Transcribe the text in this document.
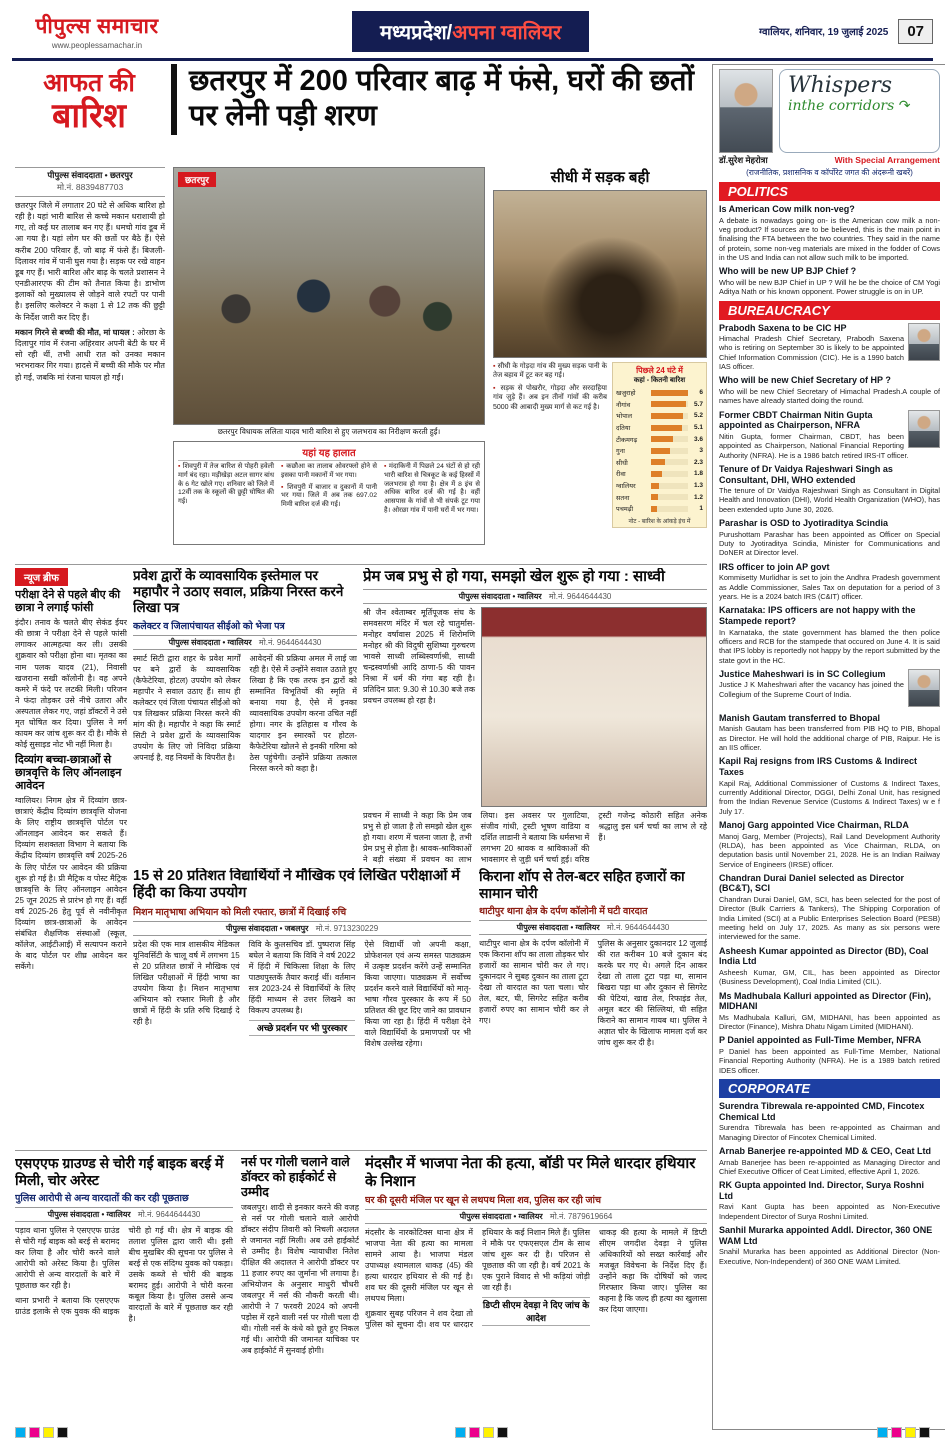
पीपुल्स समाचार
www.peoplessamachar.in
मध्यप्रदेश/अपना ग्वालियर	ग्वालियर, शनिवार, 19 जुलाई 2025	07
आफत की
बारिश
छतरपुर में 200 परिवार बाढ़ में फंसे, घरों की छतों पर लेनी पड़ी शरण
पीपुल्स संवाददाता • छतरपुर
मो.नं. 8839487703

छतरपुर जिले में लगातार 20 घंटे से अधिक बारिश हो रही है। यहां भारी बारिश से कच्चे मकान धराशायी हो गए, तो कई घर तालाब बन गए हैं। धमचो गांव डूब में आ गया है। यहां लोग घर की छतों पर बैठे हैं। ऐसे करीब 200 परिवार हैं, जो बाढ़ में फंसे हैं। बिजली-दिलावर गांव में पानी घुस गया है। सड़क पर रखे वाहन डूब गए हैं। भारी बारिश और बाढ़ के चलते प्रशासन ने एनडीआरएफ की टीम को तैनात किया है। डाभोण इलाकों को मुख्यालय से जोड़ने वाले रपटों पर पानी है। इसलिए कलेक्टर ने कक्षा 1 से 12 तक की छुट्टी के निर्देश जारी कर दिए हैं।

मकान गिरने से बच्ची की मौत, मां घायल : ओरछा के दिलापुर गांव में रंजना अहिरवार अपनी बेटी के घर में सो रही थीं, तभी आधी रात को उनका मकान भरभराकर गिर गया। हादसे में बच्ची की मौके पर मौत हो गई, जबकि मां रंजना घायल हो गईं।

छतरपुर
छतरपुर विधायक ललिता यादव भारी बारिश से हुए जलभराव का निरीक्षण करती हुईं।
यहां यह हालात
▪ शिवपुरी में तेज बारिश से पोहरी हवेली मार्ग बंद रहा। मड़ीखेड़ा अटल सागर बांध के 6 गेट खोले गए। शनिवार को जिले में 12वीं तक के स्कूलों की छुट्टी घोषित की गई।
▪ कछौआ का तालाब ओवरफ्लो होने से इसका पानी मकानों में भर गया।
▪ शिवपुरी में बाजार व दुकानों में पानी भर गया। जिले में अब तक 697.02 मिमी बारिश दर्ज की गई।
▪ मंदाकिनी में पिछले 24 घंटों से हो रही भारी बारिश से चित्रकूट के कई हिस्सों में जलभराव हो गया है। क्षेत्र में 8 इंच से अधिक बारिश दर्ज की गई है। वहीं आसपास के गांवों से भी संपर्क टूट गया है। ओरछा गांव में पानी घरों में भर गया।
सीधी में सड़क बही
▪ सीधी के गोड़दा गांव की मुख्य सड़क पानी के तेज बहाव में टूट कर बह गई।
▪ सड़क से पोखरौर, गोड़दा और सरदाहिया गांव जुड़े हैं। अब इन तीनों गांवों की करीब 5000 की आबादी मुख्य मार्ग से कट गई है।
पिछले 24 घंटे में
कहां - कितनी बारिश
खजुराहो	6
नौगांव	5.7
भोपाल	5.2
दतिया	5.1
टीकमगढ़	3.6
गुना	3
सीधी	2.3
रीवा	1.8
ग्वालियर	1.3
सतना	1.2
पचमढ़ी	1
नोट - बारिश के आंकड़े इंच में
न्यूज ब्रीफ
परीक्षा देने से पहले बीए की छात्रा ने लगाई फांसी

इंदौर। तनाव के चलते बीए सेकंड ईयर की छात्रा ने परीक्षा देने से पहले फांसी लगाकर आत्महत्या कर ली। उसकी शुक्रवार को परीक्षा होना था। मृतका का नाम पलक यादव (21), निवासी खजराना सखी कॉलोनी है। वह अपने कमरे में फंदे पर लटकी मिली। परिजन ने फंदा तोड़कर उसे नीचे उतारा और अस्पताल लेकर गए, जहां डॉक्टरों ने उसे मृत घोषित कर दिया। पुलिस ने मर्ग कायम कर जांच शुरू कर दी है। मौके से कोई सुसाइड नोट भी नहीं मिला है।

दिव्यांग बच्चा-छात्राओं से छात्रवृत्ति के लिए ऑनलाइन आवेदन

ग्वालियर। निगम क्षेत्र में दिव्यांग छात्र-छात्राएं केंद्रीय दिव्यांग छात्रवृत्ति योजना के लिए राष्ट्रीय छात्रवृत्ति पोर्टल पर ऑनलाइन आवेदन कर सकते हैं। दिव्यांग सशक्तता विभाग ने बताया कि केंद्रीय दिव्यांग छात्रवृत्ति वर्ष 2025-26 के लिए पोर्टल पर आवेदन की प्रक्रिया शुरू हो गई है। प्री मैट्रिक व पोस्ट मैट्रिक छात्रवृत्ति के लिए ऑनलाइन आवेदन 25 जून 2025 से प्रारंभ हो गए हैं। वहीं वर्ष 2025-26 हेतु पूर्व से नवीनीकृत दिव्यांग छात्र-छात्राओं के आवेदन संबंधित शैक्षणिक संस्थाओं (स्कूल, कॉलेज, आईटीआई) में सत्यापन कराने के बाद पोर्टल पर शीघ्र आवेदन कर सकेंगे।

प्रवेश द्वारों के व्यावसायिक इस्तेमाल पर महापौर ने उठाए सवाल, प्रक्रिया निरस्त करने लिखा पत्र
कलेक्टर व जिलापंचायत सीईओ को भेजा पत्र
पीपुल्स संवाददाता • ग्वालियर मो.नं. 9644644430

स्मार्ट सिटी द्वारा शहर के प्रवेश मार्गों पर बने द्वारों के व्यावसायिक (कैफेटेरिया, होटल) उपयोग को लेकर महापौर ने सवाल उठाए हैं। साथ ही कलेक्टर एवं जिला पंचायत सीईओ को पत्र लिखकर प्रक्रिया निरस्त करने की मांग की है। महापौर ने कहा कि स्मार्ट सिटी ने प्रवेश द्वारों के व्यावसायिक उपयोग के लिए जो निविदा प्रक्रिया अपनाई है, वह नियमों के विपरीत है।

आवेदनों की प्रक्रिया अमल में लाई जा रही है। ऐसे में उन्होंने सवाल उठाते हुए लिखा है कि एक तरफ इन द्वारों को सम्मानित विभूतियों की स्मृति में बनाया गया है, ऐसे में इनका व्यावसायिक उपयोग करना उचित नहीं होगा। नगर के इतिहास व गौरव के यादगार इन स्मारकों पर होटल-कैफेटेरिया खोलने से इनकी गरिमा को ठेस पहुंचेगी। उन्होंने प्रक्रिया तत्काल निरस्त करने को कहा है।

प्रेम जब प्रभु से हो गया, समझो खेल शुरू हो गया : साध्वी
पीपुल्स संवाददाता • ग्वालियर मो.नं. 9644644430

श्री जैन श्वेताम्बर मूर्तिपूजक संघ के समवसरण मंदिर में चल रहे चातुर्मास-मनोहर वर्षावास 2025 में शिरोमणि मनोहर श्री की विदुषी सुशिष्या गुरुचरण भावसे साध्वी लब्धिस्वर्णाश्री, साध्वी चन्द्रस्वर्णाश्री आदि ठाणा-5 की पावन निश्रा में धर्म की गंगा बह रही है। प्रतिदिन प्रात: 9.30 से 10.30 बजे तक प्रवचन उपलब्ध हो रहा है।

प्रवचन में साध्वी ने कहा कि प्रेम जब प्रभु से हो जाता है तो समझो खेल शुरू हो गया। शरण में चलना जाता है, तभी प्रेम प्रभु से होता है। श्रावक-श्राविकाओं ने बड़ी संख्या में प्रवचन का लाभ लिया। इस अवसर पर गुलाटिया, संजीव गांधी, ट्रस्टी भूषण वाडिया व दर्शित लाडानी ने बताया कि धर्मसभा में लगभग 20 श्रावक व श्राविकाओं की भावसागर से जुड़ी धर्म चर्चा हुई। वरिष्ठ ट्रस्टी गजेन्द्र कोठारी सहित अनेक श्रद्धालु इस धर्म चर्चा का लाभ ले रहे हैं।

15 से 20 प्रतिशत विद्यार्थियों ने मौखिक एवं लिखित परीक्षाओं में हिंदी का किया उपयोग
मिशन मातृभाषा अभियान को मिली रफ्तार, छात्रों में दिखाई रुचि
पीपुल्स संवाददाता • जबलपुर मो.नं. 9713230229

प्रदेश की एक मात्र शासकीय मेडिकल यूनिवर्सिटी के चालू वर्ष में लगभग 15 से 20 प्रतिशत छात्रों ने मौखिक एवं लिखित परीक्षाओं में हिंदी भाषा का उपयोग किया है। मिशन मातृभाषा अभियान को रफ्तार मिली है और छात्रों में हिंदी के प्रति रुचि दिखाई दे रही है।

विवि के कुलसचिव डॉ. पुष्पराज सिंह बघेल ने बताया कि विवि ने वर्ष 2022 में हिंदी में चिकित्सा शिक्षा के लिए पाठ्यपुस्तकें तैयार कराई थीं। वर्तमान सत्र 2023-24 से विद्यार्थियों के लिए हिंदी माध्यम से उत्तर लिखने का विकल्प उपलब्ध है।

अच्छे प्रदर्शन पर भी पुरस्कार

ऐसे विद्यार्थी जो अपनी कक्षा, प्रोफेशनल एवं अन्य समस्त पाठ्यक्रम में उत्कृष्ट प्रदर्शन करेंगे उन्हें सम्मानित किया जाएगा। पाठ्यक्रम में सर्वोच्च प्रदर्शन करने वाले विद्यार्थियों को मातृ-भाषा गौरव पुरस्कार के रूप में 50 प्रतिशत की छूट दिए जाने का प्रावधान किया जा रहा है। हिंदी में परीक्षा देने वाले विद्यार्थियों के प्रमाणपत्रों पर भी विशेष उल्लेख रहेगा।

किराना शॉप से तेल-बटर सहित हजारों का सामान चोरी
थाटीपुर थाना क्षेत्र के दर्पण कॉलोनी में घटी वारदात
पीपुल्स संवाददाता • ग्वालियर मो.नं. 9644644430

थाटीपुर थाना क्षेत्र के दर्पण कॉलोनी में एक किराना शॉप का ताला तोड़कर चोर हजारों का सामान चोरी कर ले गए। दुकानदार ने सुबह दुकान का ताला टूटा देखा तो वारदात का पता चला। चोर तेल, बटर, घी, सिगरेट सहित करीब हजारों रुपए का सामान चोरी कर ले गए।

पुलिस के अनुसार दुकानदार 12 जुलाई की रात करीबन 10 बजे दुकान बंद करके घर गए थे। अगले दिन आकर देखा तो ताला टूटा पड़ा था, सामान बिखरा पड़ा था और दुकान से सिगरेट की पेटियां, खाद्य तेल, रिफाइंड तेल, अमूल बटर की सिल्लियां, घी सहित किराने का सामान गायब था। पुलिस ने अज्ञात चोर के खिलाफ मामला दर्ज कर जांच शुरू कर दी है।

एसएएफ ग्राउण्ड से चोरी गई बाइक बरई में मिली, चोर अरेस्ट
पुलिस आरोपी से अन्य वारदातों की कर रही पूछताछ
पीपुल्स संवाददाता • ग्वालियर मो.नं. 9644644430

पड़ाव थाना पुलिस ने एसएएफ ग्राउंड से चोरी गई बाइक को बरई से बरामद कर लिया है और चोरी करने वाले आरोपी को अरेस्ट किया है। पुलिस आरोपी से अन्य वारदातों के बारे में पूछताछ कर रही है।

थाना प्रभारी ने बताया कि एसएएफ ग्राउंड इलाके से एक युवक की बाइक चोरी हो गई थी। क्षेत्र में बाइक की तलाश पुलिस द्वारा जारी थी। इसी बीच मुखबिर की सूचना पर पुलिस ने बरई से एक संदिग्ध युवक को पकड़ा। उसके कब्जे से चोरी की बाइक बरामद हुई। आरोपी ने चोरी करना कबूल किया है। पुलिस उससे अन्य वारदातों के बारे में पूछताछ कर रही है।

नर्स पर गोली चलाने वाले डॉक्टर को हाईकोर्ट से उम्मीद

जबलपुर। शादी से इनकार करने की वजह से नर्स पर गोली चलाने वाले आरोपी डॉक्टर संदीप तिवारी को निचली अदालत से जमानत नहीं मिली। अब उसे हाईकोर्ट से उम्मीद है। विशेष न्यायाधीश नितेश दीक्षित की अदालत ने आरोपी डॉक्टर पर 11 हजार रुपए का जुर्माना भी लगाया है। अभियोजन के अनुसार माधुरी चौधरी जबलपुर में नर्स की नौकरी करती थी। आरोपी ने 7 फरवरी 2024 को अपनी पड़ोस में रहने वाली नर्स पर गोली चला दी थी। गोली नर्स के कंधे को छूते हुए निकल गई थी। आरोपी की जमानत याचिका पर अब हाईकोर्ट में सुनवाई होगी।

मंदसौर में भाजपा नेता की हत्या, बॉडी पर मिले धारदार हथियार के निशान
घर की दूसरी मंजिल पर खून से लथपथ मिला शव, पुलिस कर रही जांच
पीपुल्स संवाददाता • ग्वालियर मो.नं. 7879619664

मंदसौर के नारकोटिक्स थाना क्षेत्र में भाजपा नेता की हत्या का मामला सामने आया है। भाजपा मंडल उपाध्यक्ष श्यामलाल धाकड़ (45) की हत्या धारदार हथियार से की गई है। शव घर की दूसरी मंजिल पर खून से लथपथ मिला।

शुक्रवार सुबह परिजन ने शव देखा तो पुलिस को सूचना दी। शव पर धारदार हथियार के कई निशान मिले हैं। पुलिस ने मौके पर एफएसएल टीम के साथ जांच शुरू कर दी है। परिजन से पूछताछ की जा रही है। वर्ष 2021 के एक पुराने विवाद से भी कड़ियां जोड़ी जा रही हैं।

डिप्टी सीएम देवड़ा ने दिए जांच के आदेश

धाकड़ की हत्या के मामले में डिप्टी सीएम जगदीश देवड़ा ने पुलिस अधिकारियों को सख्त कार्रवाई और मजबूत विवेचना के निर्देश दिए हैं। उन्होंने कहा कि दोषियों को जल्द गिरफ्तार किया जाए। पुलिस का कहना है कि जल्द ही हत्या का खुलासा कर दिया जाएगा।

Whispers
inthe corridors ↷
डॉ.सुरेश मेहरोत्रा	With Special Arrangement
(राजनीतिक, प्रशासनिक व कॉर्पोरेट जगत की अंदरूनी खबरें)
POLITICS
Is American Cow milk non-veg?
A debate is nowadays going on- is the American cow milk a non- veg product? If sources are to be believed, this is the main point in finalising the FTA between the two countries. They said in the name of protein, some non-veg materials are mixed in the fodder of Cows in the US and India can not allow such milk to be imported.
Who will be new UP BJP Chief ?
Who will be new BJP Chief in UP ? Will he be the choice of CM Yogi Aditya Nath or his known opponent. Power struggle is on in UP.
BUREAUCRACY
Prabodh Saxena to be CIC HP
Himachal Pradesh Chief Secretary, Prabodh Saxena who is retiring on September 30 is likely to be appointed Chief Information Commission (CIC). He is a 1990 batch IAS officer.
Who will be new Chief Secretary of HP ?
Who will be new Chief Secretary of Himachal Pradesh.A couple of names have already started doing the round.
Former CBDT Chairman Nitin Gupta appointed as Chairperson, NFRA
Nitin Gupta, former Chairman, CBDT, has been appointed as Chairperson, National Financial Reporting Authority (NFRA). He is a 1986 batch retired IRS-IT officer.
Tenure of Dr Vaidya Rajeshwari Singh as Consultant, DHI, WHO extended
The tenure of Dr Vaidya Rajeshwari Singh as Consultant in Digital Health and Innovation (DHI), World Health Organization (WHO), has been extended upto June 30, 2026.
Parashar is OSD to Jyotiraditya Scindia
Purushottam Parashar has been appointed as Officer on Special Duty to Jyotiraditya Scindia, Minister for Communications and DoNER at Director level.
IRS officer to join AP govt
Kommisetty Murlidhar is set to join the Andhra Pradesh government as Addle Commissioner, Sales Tax on deputation for a period of 3 years. He is a 2024 batch IRS (C&IT) officer.
Karnataka: IPS officers are not happy with the Stampede report?
In Karnataka, the state government has blamed the then police officers and RCB for the stampede that occured on June 4. It is said that IPS lobby is reportedly not happy by the report submitted by the state govt in the HC.
Justice Maheshwari is in SC Collegium
Justice J K Maheshwari after the vacancy has joined the Collegium of the Supreme Court of India.
Manish Gautam transferred to Bhopal
Manish Gautam has been transferred from PIB HQ to PIB, Bhopal as Director. He will hold the additional charge of PIB, Raipur. He is an IIS officer.
Kapil Raj resigns from IRS Customs & Indirect Taxes
Kapil Raj, Additional Commissioner of Customs & Indirect Taxes, currently Additional Director, DGGI, Delhi Zonal Unit, has resigned from the Indian Revenue Service (Customs & Indirect Taxes) w e f July 17.
Manoj Garg appointed Vice Chairman, RLDA
Manoj Garg, Member (Projects), Rail Land Development Authority (RLDA), has been appointed as Vice Chairman, RLDA, on deputation basis until November 21, 2028. He is an Indian Railway Service of Engineers (IRSE) officer.
Chandran Durai Daniel selected as Director (BC&T), SCI
Chandran Durai Daniel, GM, SCI, has been selected for the post of Director (Bulk Carriers & Tankers), The Shipping Corporation of India Limited (SCI) at a Public Enterprises Selection Board (PESB) meeting held on July 17, 2025. As many as six persons were interviewed for the same.
Asheesh Kumar appointed as Director (BD), Coal India Ltd
Asheesh Kumar, GM, CIL, has been appointed as Director (Business Development), Coal India Limited (CIL).
Ms Madhubala Kalluri appointed as Director (Fin), MIDHANI
Ms Madhubala Kalluri, GM, MIDHANI, has been appointed as Director (Finance), Mishra Dhatu Nigam Limited (MIDHANI).
P Daniel appointed as Full-Time Member, NFRA
P Daniel has been appointed as Full-Time Member, National Financial Reporting Authority (NFRA). He is a 1989 batch retired IDES officer.
CORPORATE
Surendra Tibrewala re-appointed CMD, Fincotex Chemical Ltd
Surendra Tibrewala has been re-appointed as Chairman and Managing Director of Fincotex Chemical Limited.
Arnab Banerjee re-appointed MD & CEO, Ceat Ltd
Arnab Banerjee has been re-appointed as Managing Director and Chief Executive Officer of Ceat Limited, effective April 1, 2026.
RK Gupta appointed Ind. Director, Surya Roshni Ltd
Ravi Kant Gupta has been appointed as Non-Executive Independent Director of Surya Roshni Limited.
Sanhil Murarka appointed Addl. Director, 360 ONE WAM Ltd
Snahil Murarka has been appointed as Additional Director (Non-Executive, Non-Independent) of 360 ONE WAM Limited.
